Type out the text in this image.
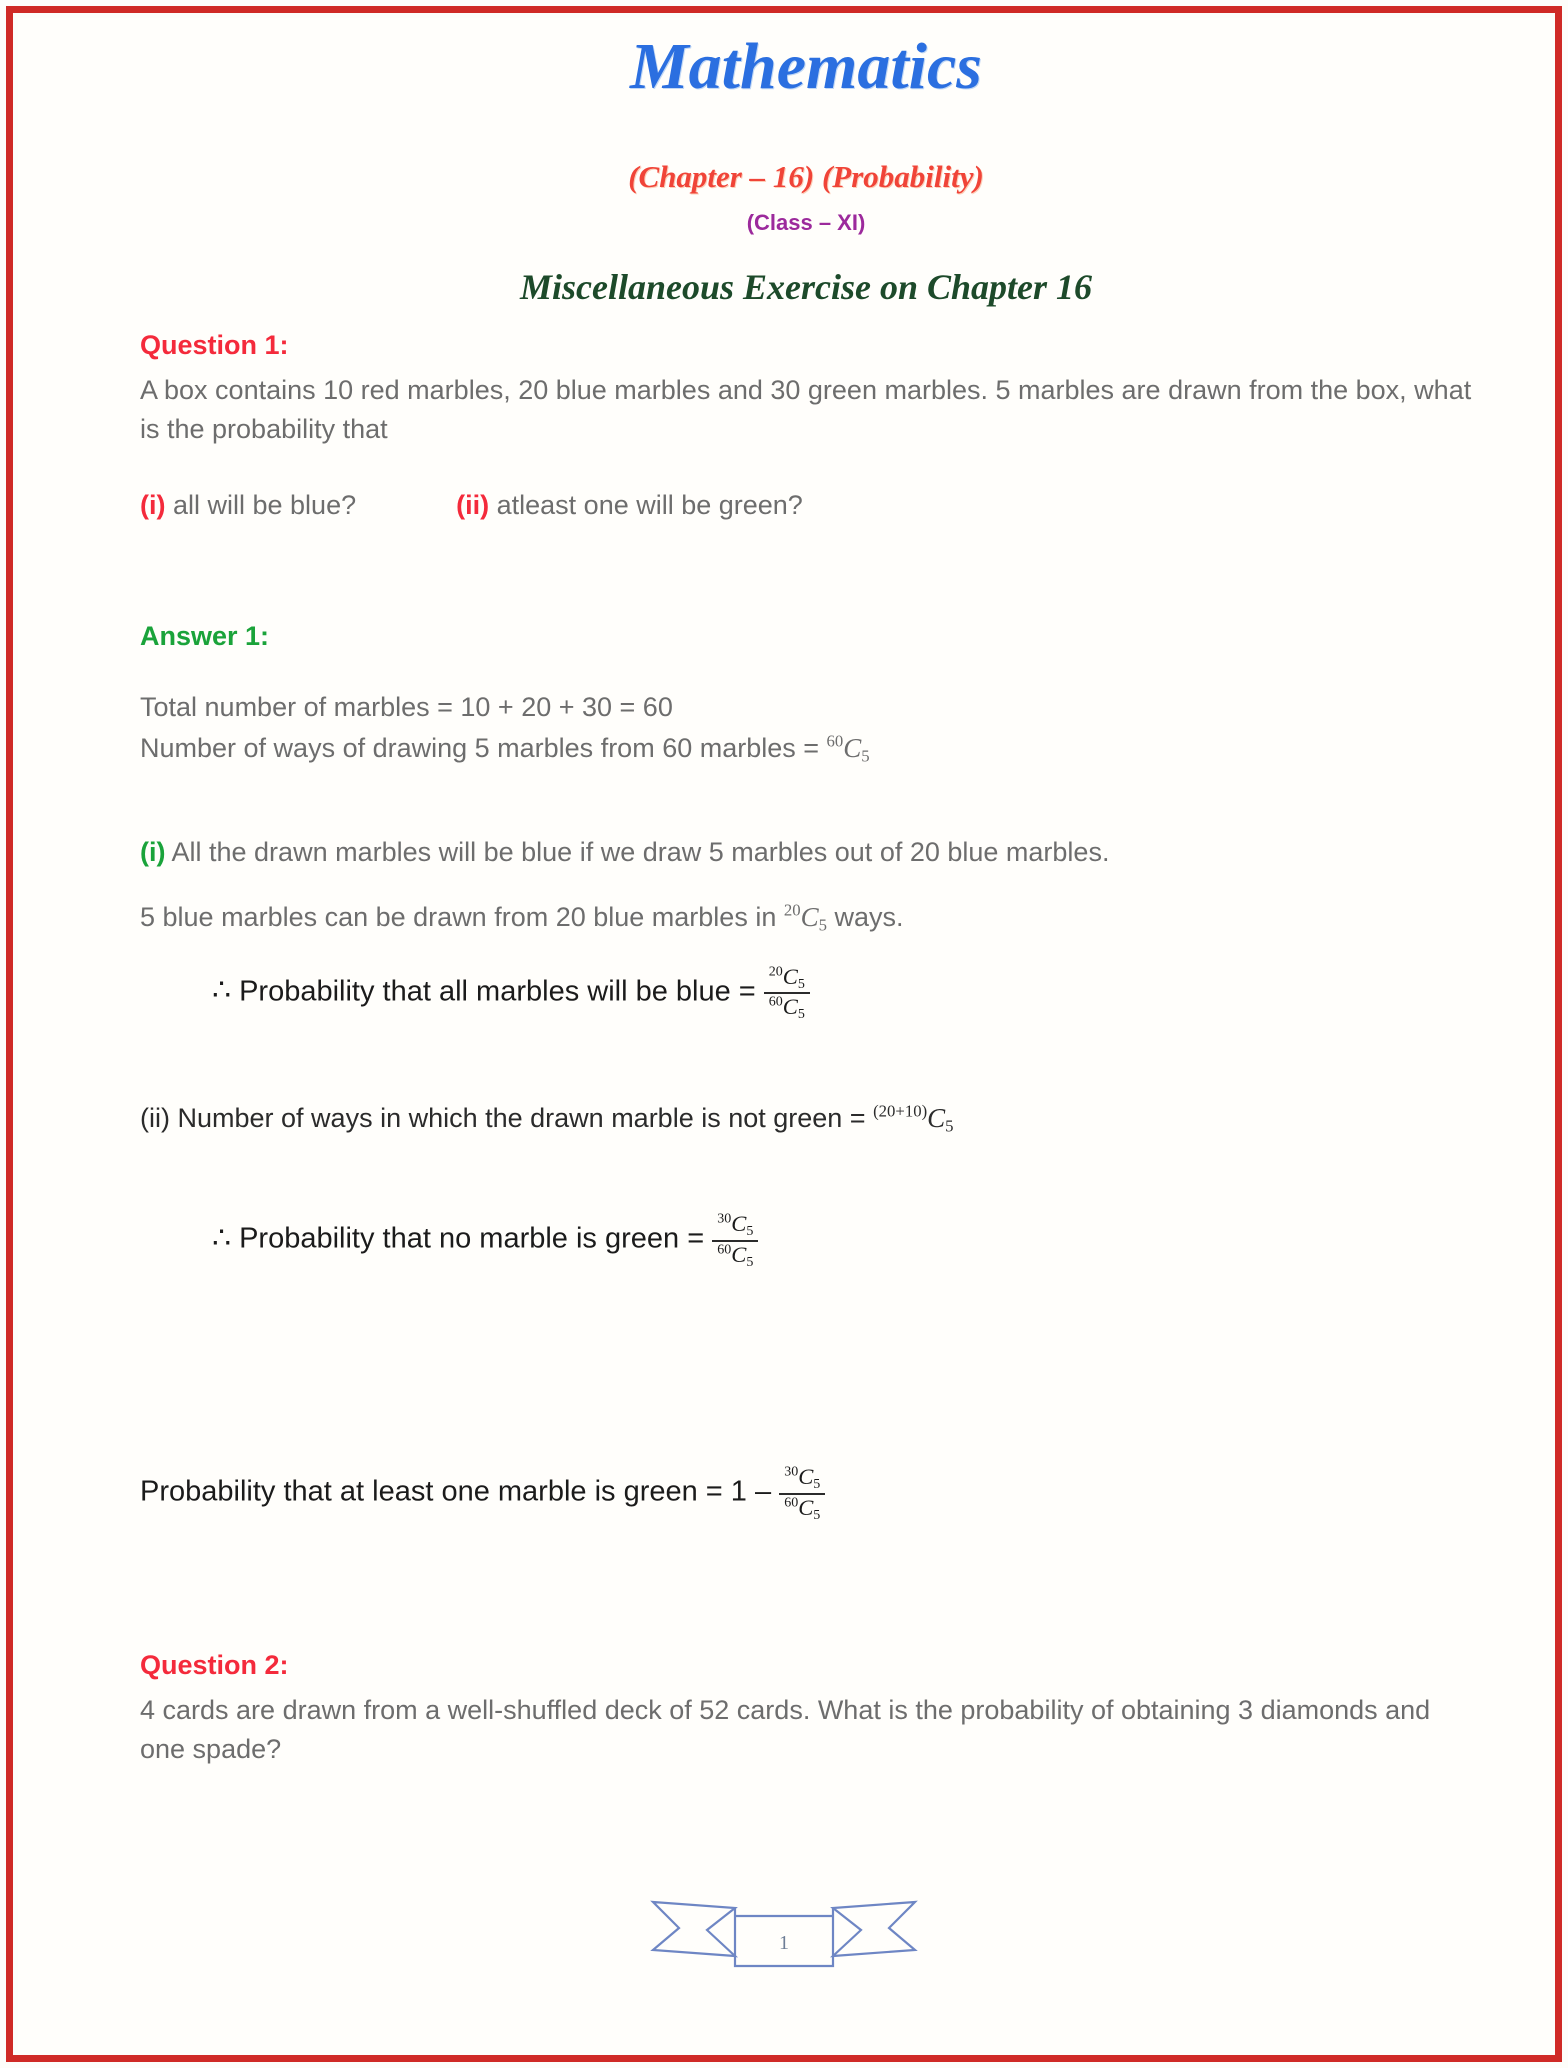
Mathematics
(Chapter – 16) (Probability)
(Class – XI)
Miscellaneous Exercise on Chapter 16
Question 1:
A box contains 10 red marbles, 20 blue marbles and 30 green marbles. 5 marbles are drawn from the box, what is the probability that
(i) all will be blue?	(ii) atleast one will be green?
Answer 1:
Total number of marbles = 10 + 20 + 30 = 60
Number of ways of drawing 5 marbles from 60 marbles = $^{60}C_5$
(i) All the drawn marbles will be blue if we draw 5 marbles out of 20 blue marbles.
5 blue marbles can be drawn from 20 blue marbles in $^{20}C_5$ ways.
∴ Probability that all marbles will be blue = $\frac{^{20}C_5}{^{60}C_5}$
(ii) Number of ways in which the drawn marble is not green = $^{(20+10)}C_5$
∴ Probability that no marble is green = $\frac{^{30}C_5}{^{60}C_5}$
Probability that at least one marble is green = $1 - \frac{^{30}C_5}{^{60}C_5}$
Question 2:
4 cards are drawn from a well-shuffled deck of 52 cards. What is the probability of obtaining 3 diamonds and one spade?
1
